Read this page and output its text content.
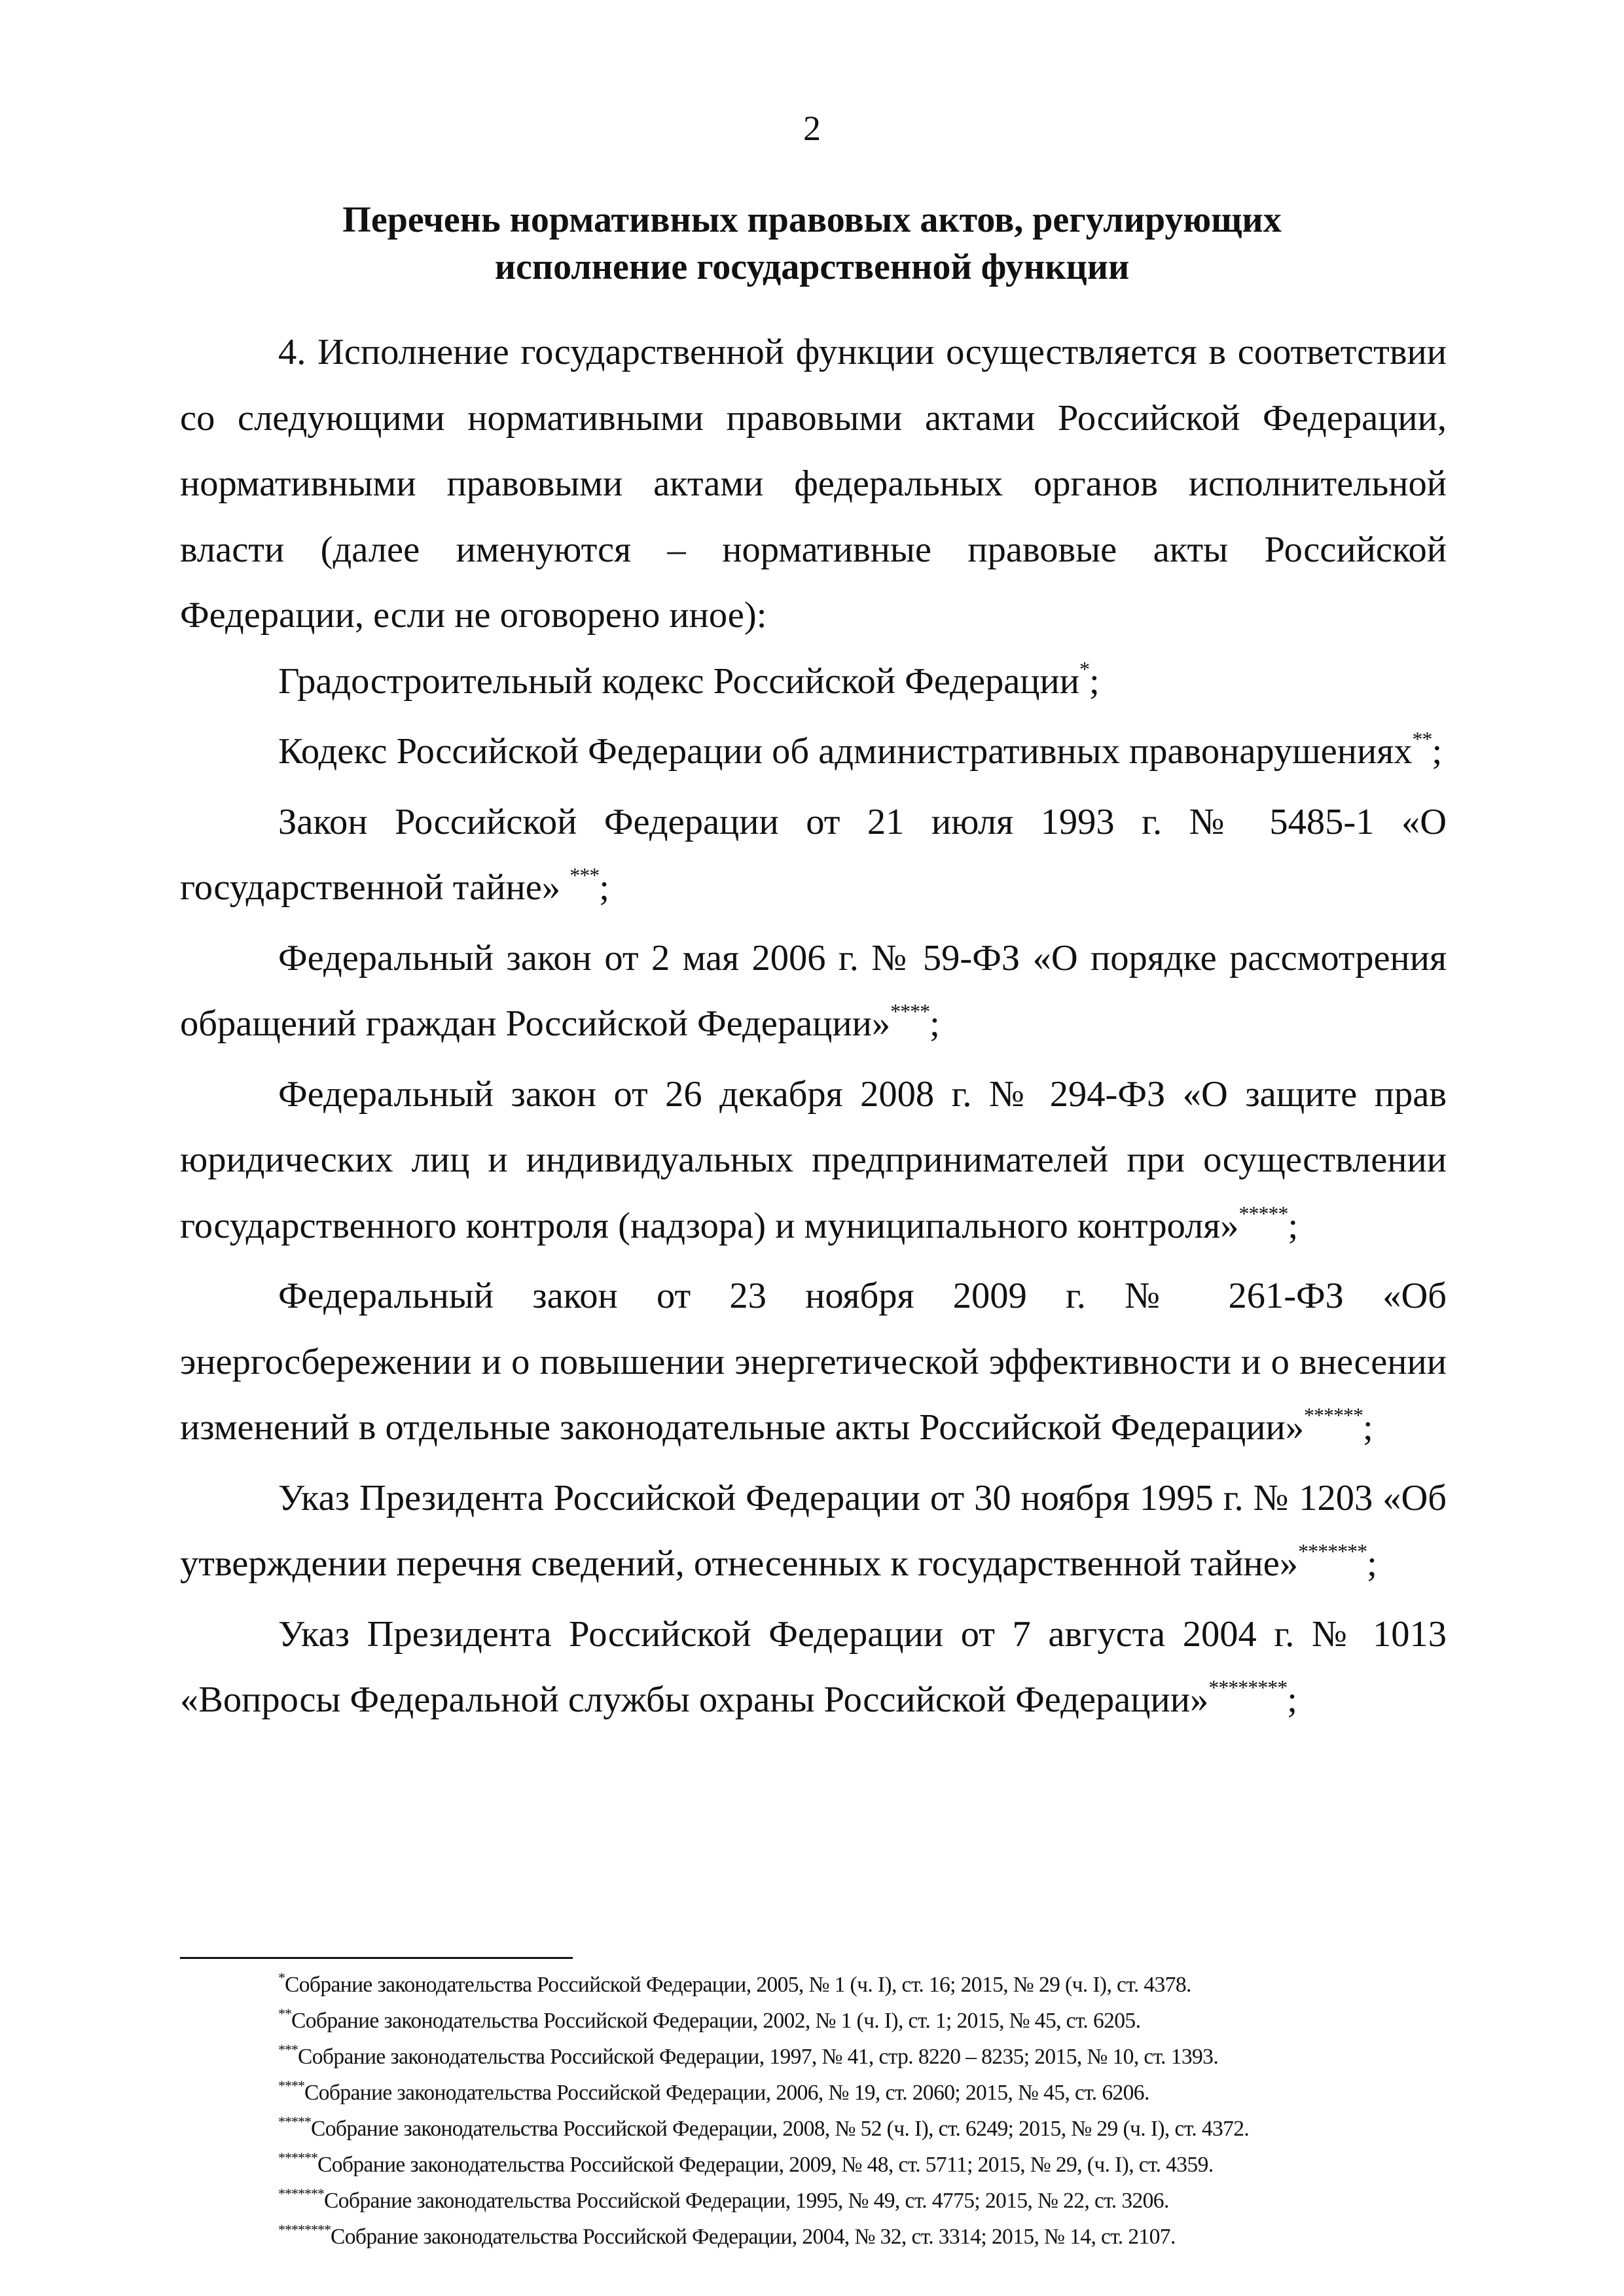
2
Перечень нормативных правовых актов, регулирующих
исполнение государственной функции

4. Исполнение государственной функции осуществляется в соответствии со следующими нормативными правовыми актами Российской Федерации, нормативными правовыми актами федеральных органов исполнительной власти (далее именуются – нормативные правовые акты Российской Федерации, если не оговорено иное):

Градостроительный кодекс Российской Федерации*;

Кодекс Российской Федерации об административных правонарушениях**;

Закон Российской Федерации от 21 июля 1993 г. № 5485-1 «О государственной тайне» ***;

Федеральный закон от 2 мая 2006 г. № 59-ФЗ «О порядке рассмотрения обращений граждан Российской Федерации»****;

Федеральный закон от 26 декабря 2008 г. № 294-ФЗ «О защите прав юридических лиц и индивидуальных предпринимателей при осуществлении государственного контроля (надзора) и муниципального контроля»*****;

Федеральный закон от 23 ноября 2009 г. № 261-ФЗ «Об энергосбережении и о повышении энергетической эффективности и о внесении изменений в отдельные законодательные акты Российской Федерации»******;

Указ Президента Российской Федерации от 30 ноября 1995 г. № 1203 «Об утверждении перечня сведений, отнесенных к государственной тайне»*******;

Указ Президента Российской Федерации от 7 августа 2004 г. № 1013 «Вопросы Федеральной службы охраны Российской Федерации»********;

*Собрание законодательства Российской Федерации, 2005, № 1 (ч. I), ст. 16; 2015, № 29 (ч. I), ст. 4378.
**Собрание законодательства Российской Федерации, 2002, № 1 (ч. I), ст. 1; 2015, № 45, ст. 6205.
***Собрание законодательства Российской Федерации, 1997, № 41, стр. 8220 – 8235; 2015, № 10, ст. 1393.
****Собрание законодательства Российской Федерации, 2006, № 19, ст. 2060; 2015, № 45, ст. 6206.
*****Собрание законодательства Российской Федерации, 2008, № 52 (ч. I), ст. 6249; 2015, № 29 (ч. I), ст. 4372.
******Собрание законодательства Российской Федерации, 2009, № 48, ст. 5711; 2015, № 29, (ч. I), ст. 4359.
*******Собрание законодательства Российской Федерации, 1995, № 49, ст. 4775; 2015, № 22, ст. 3206.
********Собрание законодательства Российской Федерации, 2004, № 32, ст. 3314; 2015, № 14, ст. 2107.
